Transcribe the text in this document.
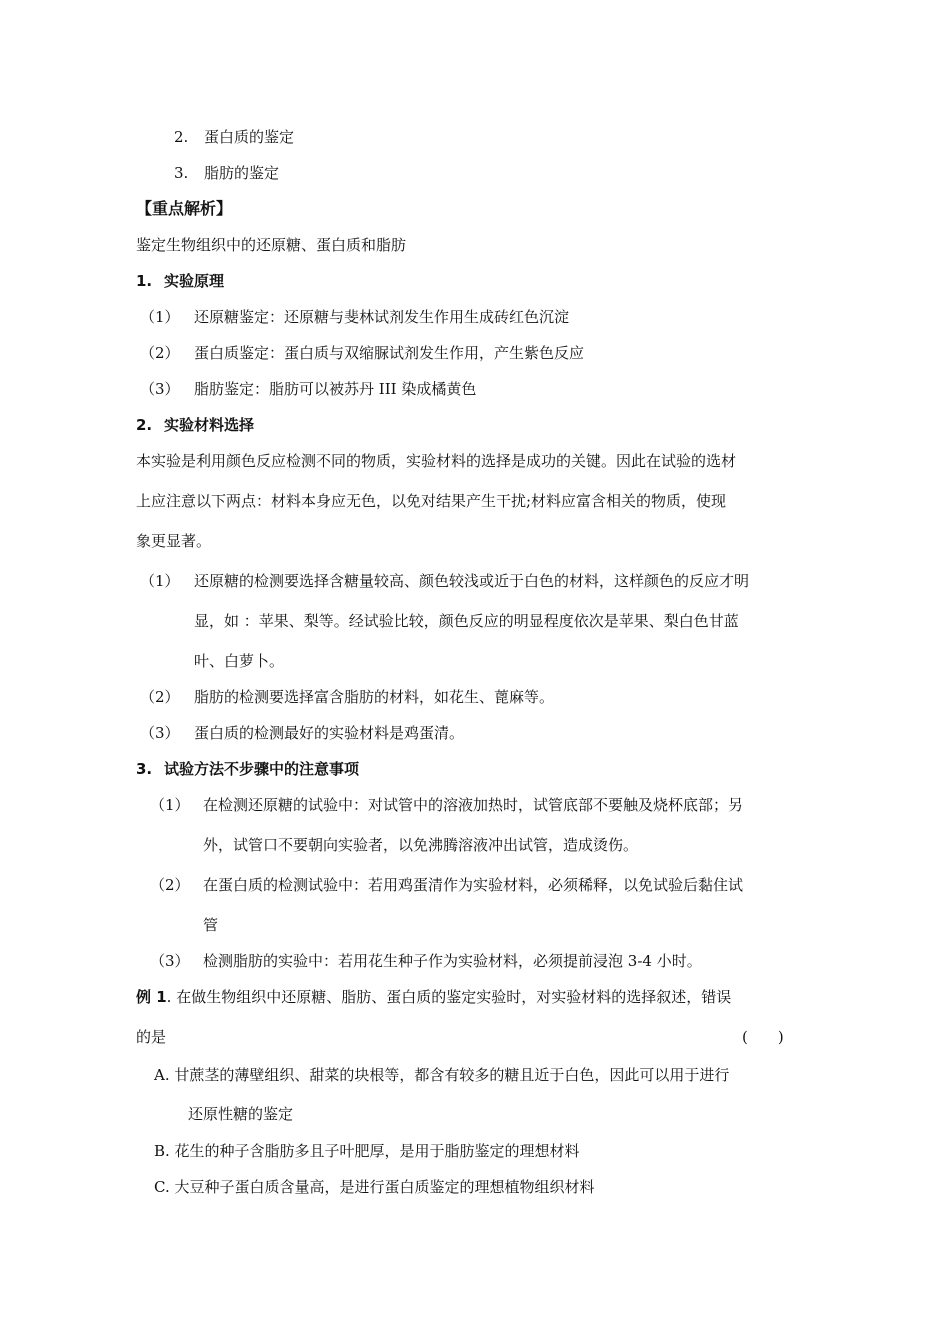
2. 蛋白质的鉴定
3. 脂肪的鉴定
【重点解析】
鉴定生物组织中的还原糖、蛋白质和脂肪
1. 实验原理
（1） 还原糖鉴定：还原糖与斐林试剂发生作用生成砖红色沉淀
（2） 蛋白质鉴定：蛋白质与双缩脲试剂发生作用，产生紫色反应
（3） 脂肪鉴定：脂肪可以被苏丹 III 染成橘黄色
2. 实验材料选择
本实验是利用颜色反应检测不同的物质，实验材料的选择是成功的关键。因此在试验的选材
上应注意以下两点：材料本身应无色，以免对结果产生干扰;材料应富含相关的物质，使现
象更显著。
（1） 还原糖的检测要选择含糖量较高、颜色较浅或近于白色的材料，这样颜色的反应才明
显，如 ：苹果、梨等。经试验比较，颜色反应的明显程度依次是苹果、梨白色甘蓝
叶、白萝卜。
（2） 脂肪的检测要选择富含脂肪的材料，如花生、蓖麻等。
（3） 蛋白质的检测最好的实验材料是鸡蛋清。
3. 试验方法不步骤中的注意事项
（1） 在检测还原糖的试验中：对试管中的溶液加热时，试管底部不要触及烧杯底部；另
外，试管口不要朝向实验者，以免沸腾溶液冲出试管，造成烫伤。
（2） 在蛋白质的检测试验中：若用鸡蛋清作为实验材料，必须稀释，以免试验后黏住试
管
（3） 检测脂肪的实验中：若用花生种子作为实验材料，必须提前浸泡 3-4 小时。
例 1. 在做生物组织中还原糖、脂肪、蛋白质的鉴定实验时，对实验材料的选择叙述，错误
的是	(　　)
A. 甘蔗茎的薄壁组织、甜菜的块根等，都含有较多的糖且近于白色，因此可以用于进行
还原性糖的鉴定
B. 花生的种子含脂肪多且子叶肥厚，是用于脂肪鉴定的理想材料
C. 大豆种子蛋白质含量高，是进行蛋白质鉴定的理想植物组织材料
